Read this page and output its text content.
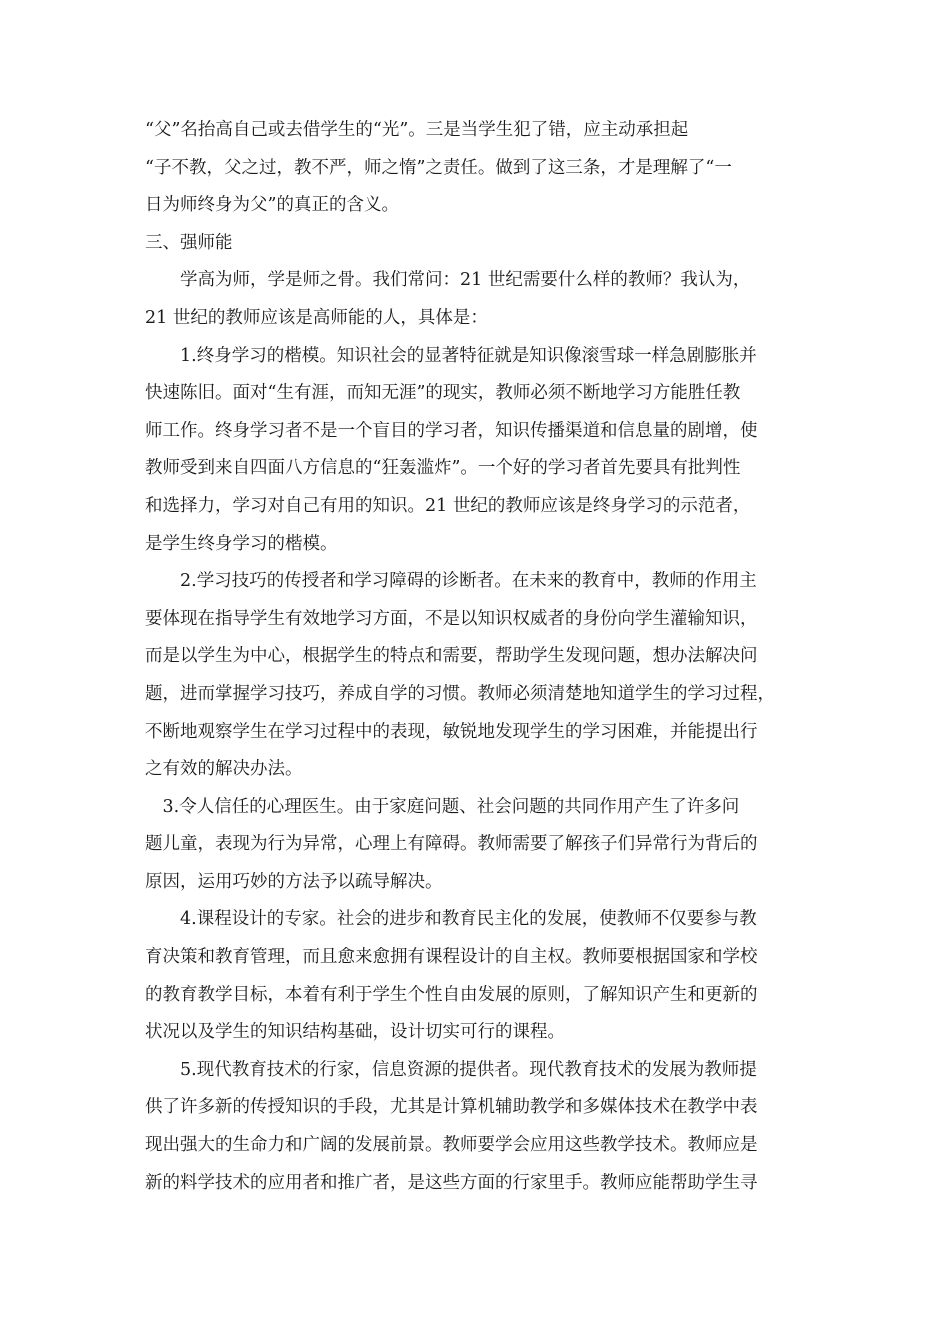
“父”名抬高自己或去借学生的“光”。三是当学生犯了错，应主动承担起
“子不教，父之过，教不严，师之惰”之责任。做到了这三条，才是理解了“一
日为师终身为父”的真正的含义。
三、强师能
　　学高为师，学是师之骨。我们常问：21 世纪需要什么样的教师？我认为，
21 世纪的教师应该是高师能的人，具体是：
　　1.终身学习的楷模。知识社会的显著特征就是知识像滚雪球一样急剧膨胀并
快速陈旧。面对“生有涯，而知无涯”的现实，教师必须不断地学习方能胜任教
师工作。终身学习者不是一个盲目的学习者，知识传播渠道和信息量的剧增，使
教师受到来自四面八方信息的“狂轰滥炸”。一个好的学习者首先要具有批判性
和选择力，学习对自己有用的知识。21 世纪的教师应该是终身学习的示范者，
是学生终身学习的楷模。
　　2.学习技巧的传授者和学习障碍的诊断者。在未来的教育中，教师的作用主
要体现在指导学生有效地学习方面，不是以知识权威者的身份向学生灌输知识，
而是以学生为中心，根据学生的特点和需要，帮助学生发现问题，想办法解决问
题，进而掌握学习技巧，养成自学的习惯。教师必须清楚地知道学生的学习过程，
不断地观察学生在学习过程中的表现，敏锐地发现学生的学习困难，并能提出行
之有效的解决办法。
　3.令人信任的心理医生。由于家庭问题、社会问题的共同作用产生了许多问
题儿童，表现为行为异常，心理上有障碍。教师需要了解孩子们异常行为背后的
原因，运用巧妙的方法予以疏导解决。
　　4.课程设计的专家。社会的进步和教育民主化的发展，使教师不仅要参与教
育决策和教育管理，而且愈来愈拥有课程设计的自主权。教师要根据国家和学校
的教育教学目标，本着有利于学生个性自由发展的原则，了解知识产生和更新的
状况以及学生的知识结构基础，设计切实可行的课程。
　　5.现代教育技术的行家，信息资源的提供者。现代教育技术的发展为教师提
供了许多新的传授知识的手段，尤其是计算机辅助教学和多媒体技术在教学中表
现出强大的生命力和广阔的发展前景。教师要学会应用这些教学技术。教师应是
新的料学技术的应用者和推广者，是这些方面的行家里手。教师应能帮助学生寻
